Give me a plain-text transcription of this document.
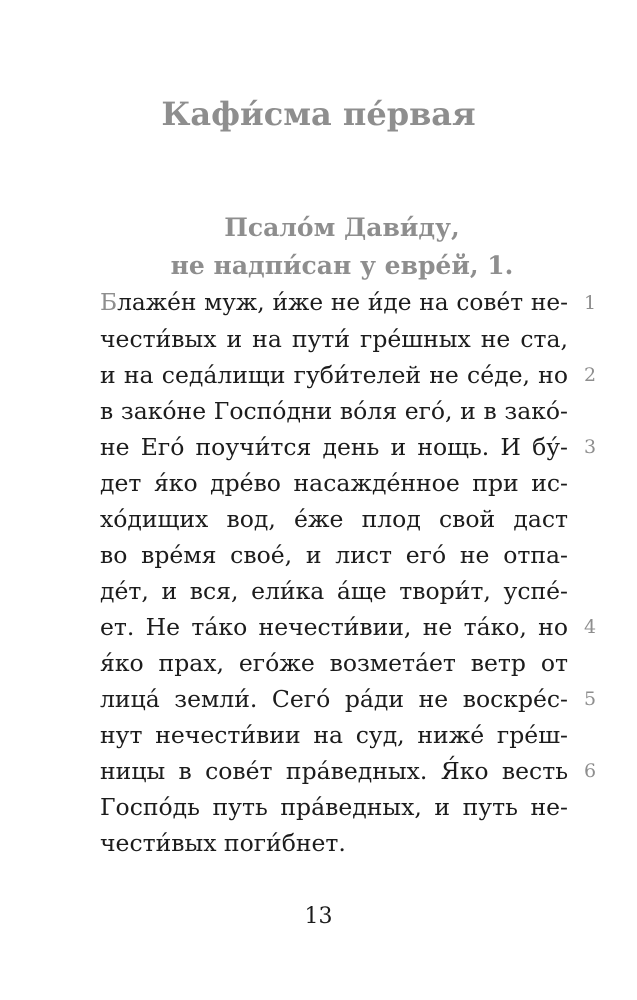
Кафи́сма пе́рвая
Псало́м Дави́ду,
не надпи́сан у евре́й, 1.
Блаже́н муж, и́же не и́де на сове́т не-
чести́вых и на пути́ гре́шных не ста,
и на седа́лищи губи́телей не се́де, но
в зако́не Госпо́дни во́ля его́, и в зако́-
не Его́ поучи́тся день и нощь. И бу́-
дет я́ко дре́во насажде́нное при ис-
хо́дищих вод, е́же плод свой даст
во вре́мя свое́, и лист его́ не отпа-
де́т, и вся, ели́ка а́ще твори́т, успе́-
ет. Не та́ко нечести́вии, не та́ко, но
я́ко прах, его́же возмета́ет ветр от
лица́ земли́. Сего́ ра́ди не воскре́с-
нут нечести́вии на суд, ниже́ гре́ш-
ницы в сове́т пра́ведных. Я́ко весть
Госпо́дь путь пра́ведных, и путь не-
чести́вых поги́бнет.
1
2
3
4
5
6
13
